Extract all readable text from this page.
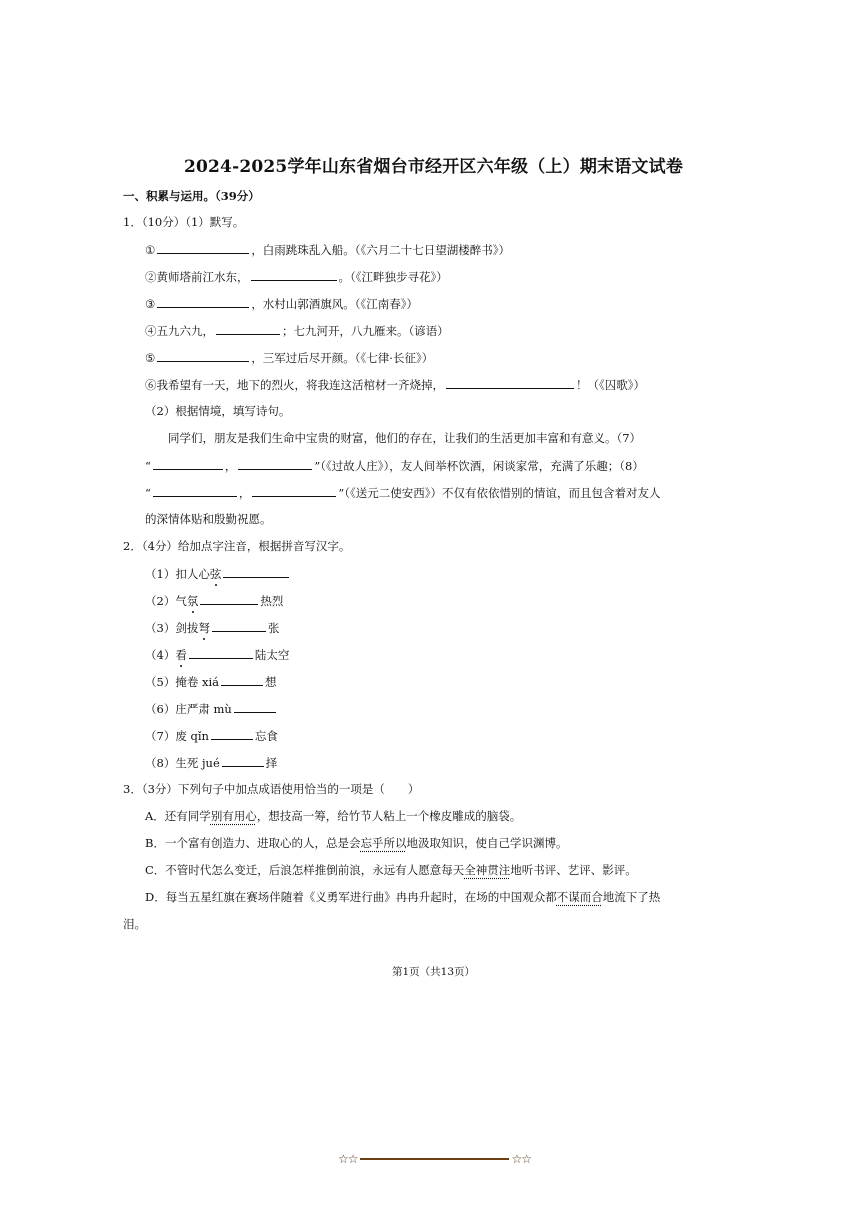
2024-2025学年山东省烟台市经开区六年级（上）期末语文试卷
一、积累与运用。（39分）
1．（10分）（1）默写。
①	，白雨跳珠乱入船。（《六月二十七日望湖楼醉书》）
②黄师塔前江水东，	。（《江畔独步寻花》）
③	，水村山郭酒旗风。（《江南春》）
④五九六九，	；七九河开，八九雁来。（谚语）
⑤	，三军过后尽开颜。（《七律·长征》）
⑥我希望有一天，地下的烈火，将我连这活棺材一齐烧掉，	！（《囚歌》）
（2）根据情境，填写诗句。
同学们，朋友是我们生命中宝贵的财富，他们的存在，让我们的生活更加丰富和有意义。（7）
“	，	”（《过故人庄》），友人间举杯饮酒，闲谈家常，充满了乐趣；（8）
“	，	”（《送元二使安西》）不仅有依依惜别的情谊，而且包含着对友人
的深情体贴和殷勤祝愿。
2．（4分）给加点字注音，根据拼音写汉字。
（1）扣人心弦
（2）气氛	热烈
（3）剑拔弩	张
（4）看	陆太空
（5）掩卷 xiá	想
（6）庄严肃 mù
（7）废 qǐn	忘食
（8）生死 jué	择
3．（3分）下列句子中加点成语使用恰当的一项是（　　）
A．还有同学别有用心，想技高一筹，给竹节人粘上一个橡皮雕成的脑袋。
B．一个富有创造力、进取心的人，总是会忘乎所以地汲取知识，使自己学识渊博。
C．不管时代怎么变迁，后浪怎样推倒前浪，永远有人愿意每天全神贯注地听书评、艺评、影评。
D．每当五星红旗在赛场伴随着《义勇军进行曲》冉冉升起时，在场的中国观众都不谋而合地流下了热
泪。
第1页（共13页）
☆☆	☆☆
